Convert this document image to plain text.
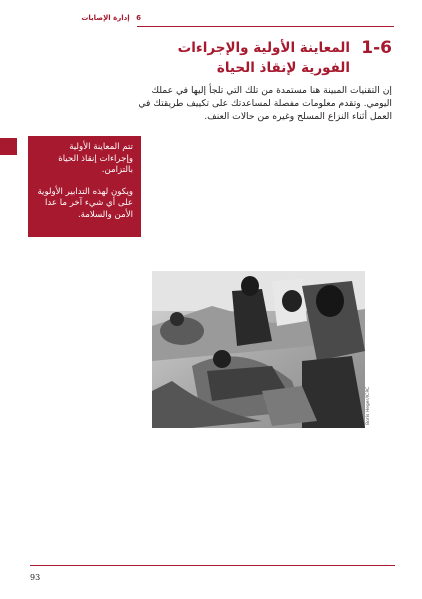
6 إدارة الإصابات
1-6
المعاينة الأولية والإجراءات الفورية لإنقاذ الحياة

إن التقنيات المبينة هنا مستمدة من تلك التي تلجأ إليها في عملك اليومي. وتقدم معلومات مفصلة لمساعدتك على تكييف طريقتك في العمل أثناء النزاع المسلح وغيره من حالات العنف.

تتم المعاينة الأولية وإجراءات إنقاذ الحياة بالتزامن.

ويكون لهذه التدابير الأولوية على أي شيء آخر ما عدا الأمن والسلامة.

Boris Heger/ICRC
93
